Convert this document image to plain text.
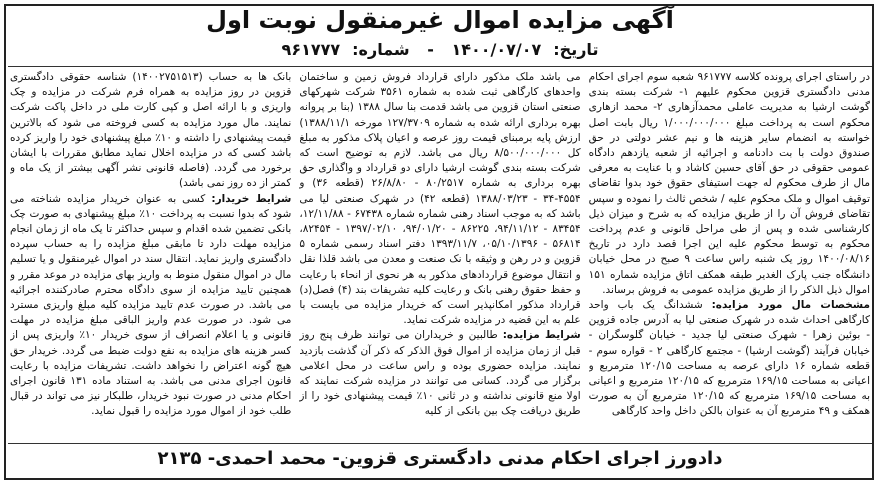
آگهی مزایده اموال غیرمنقول نوبت اول
تاریخ:۱۴۰۰/۰۷/۰۷ - شماره:۹۶۱۷۷۷

در راستای اجرای پرونده کلاسه ۹۶۱۷۷۷ شعبه سوم اجرای احکام مدنی دادگستری قزوین محکوم علیهم ۱- شرکت بسته بندی گوشت ارشیا به مدیریت عاملی محمدآزهاری ۲- محمد ازهاری محکوم است به پرداخت مبلغ ۱/۰۰۰/۰۰۰/۰۰۰ ریال بابت اصل خواسته به انضمام سایر هزینه ها و نیم عشر دولتی در حق صندوق دولت با بت دادنامه و اجرائیه از شعبه یازدهم دادگاه عمومی حقوقی در حق آقای حسین کاشاد و با عنایت به معرفی مال از طرف محکوم له جهت استیفای حقوق خود بدوا تقاضای توقیف اموال و ملک محکوم علیه / شخص ثالث را نموده و سپس تقاضای فروش آن را از طریق مزایده که به شرح و میزان ذیل کارشناسی شده و پس از طی مراحل قانونی و عدم پرداخت محکوم به توسط محکوم علیه این اجرا قصد دارد در تاریخ ۱۴۰۰/۰۸/۱۶ روز یک شنبه راس ساعت ۹ صبح در محل خیابان دانشگاه جنب پارک الغدیر طبقه همکف اتاق مزایده شماره ۱۵۱ اموال ذیل الذکر را از طریق مزایده عمومی به فروش برساند.

مشخصات مال مورد مزایده: ششدانگ یک باب واحد کارگاهی احداث شده در شهرک صنعتی لیا به آدرس جاده قزوین - بوئین زهرا - شهرک صنعتی لیا جدید - خیابان گلوسگران - خیابان فرآیند (گوشت ارشیا) - مجتمع کارگاهی ۲ - قواره سوم - قطعه شماره ۱۶ دارای عرصه به مساحت ۱۲۰/۱۵ مترمربع و اعیانی به مساحت ۱۶۹/۱۵ مترمربع که ۱۲۰/۱۵ مترمربع و اعیانی به مساحت ۱۶۹/۱۵ مترمربع که ۱۲۰/۱۵ مترمربع آن به صورت همکف و ۴۹ مترمربع آن به عنوان بالکن داخل واحد کارگاهی

می باشد ملک مذکور دارای قرارداد فروش زمین و ساختمان واحدهای کارگاهی ثبت شده به شماره ۳۵۶۱ شرکت شهرکهای صنعتی استان قزوین می باشد قدمت بنا سال ۱۳۸۸ (بنا بر پروانه بهره برداری ارائه شده به شماره ۱۲۷/۳۷۰۹ مورخه ۱۳۸۸/۱۱/۱) ارزش پایه برمبنای قیمت روز عرصه و اعیان پلاک مذکور به مبلغ کل ۸/۵۰۰/۰۰۰/۰۰۰ ریال می باشد. لازم به توضیح است که شرکت بسته بندی گوشت ارشیا دارای دو قرارداد و واگذاری حق بهره برداری به شماره ۸۰/۲۵۱۷ - ۲۶/۸/۸۰ (قطعه ۳۶) و ۴۵۵۴-۳۴ - ۱۳۸۸/۰۳/۲۳ (قطعه ۴۲) در شهرک صنعتی لیا می باشد که به موجب اسناد رهنی شماره شماره ۶۷۴۳۸ - ۱۲/۱۱/۸۸، ۸۳۴۵۴ - ۹۴/۱۱/۱۲، ۸۶۲۲۵ - ۹۴/۰۱/۲۰، ۱۳۹۷/۰۲/۱۰ - ۸۲۴۵۴، ۵۶۸۱۴ - ۰۵/۱۰/۱۳۹۶، ۱۳۹۳/۱۱/۷ دفتر اسناد رسمی شماره ۵ قزوین و در رهن و وثیقه با نک صنعت و معدن می باشد قلذا نقل و انتقال موضوع قراردادهای مذکور به هر نحوی از انحاء با رعایت و حفظ حقوق رهنی بانک و رعایت کلیه تشریفات بند (۴) فصل(د) قرارداد مذکور امکانپذیر است که خریدار مزایده می بایست با علم به این قضیه در مزایده شرکت نماید.

شرایط مزایده: طالبین و خریداران می توانند ظرف پنج روز قبل از زمان مزایده از اموال فوق الذکر که ذکر آن گذشت بازدید نمایند. مزایده حضوری بوده و راس ساعت در محل اعلامی برگزار می گردد. کسانی می توانند در مزایده شرکت نمایند که اولا منع قانونی نداشته و در ثانی ۱۰٪ قیمت پیشنهادی خود را از طریق دریافت چک بین بانکی از کلیه

بانک ها به حساب (۱۴۰۰۲۷۵۱۵۱۳) شناسه حقوقی دادگستری قزوین در روز مزایده به همراه فرم شرکت در مزایده و چک واریزی و با ارائه اصل و کپی کارت ملی در داخل پاکت شرکت نمایند. مال مورد مزایده به کسی فروخته می شود که بالاترین قیمت پیشنهادی را داشته و ۱۰٪ مبلغ پیشنهادی خود را واریز کرده باشد کسی که در مزایده اخلال نماید مطابق مقررات با ایشان برخورد می گردد. (فاصله قانونی نشر آگهی بیشتر از یک ماه و کمتر از ده روز نمی باشد)

شرایط خریدار: کسی به عنوان خریدار مزایده شناخته می شود که بدوا نسبت به پرداخت ۱۰٪ مبلغ پیشنهادی به صورت چک بانکی تضمین شده اقدام و سپس حداکثر تا یک ماه از زمان انجام مزایده مهلت دارد تا مابقی مبلغ مزایده را به حساب سپرده دادگستری واریز نماید. انتقال سند در اموال غیرمنقول و یا تسلیم مال در اموال منقول منوط به واریز بهای مزایده در موعد مقرر و همچنین تایید مزایده از سوی دادگاه محترم صادرکننده اجرائیه می باشد. در صورت عدم تایید مزایده کلیه مبلغ واریزی مسترد می شود. در صورت عدم واریز الباقی مبلغ مزایده در مهلت قانونی و یا اعلام انصراف از سوی خریدار ۱۰٪ واریزی پس از کسر هزینه های مزایده به نفع دولت ضبط می گردد. خریدار حق هیچ گونه اعتراض را نخواهد داشت. تشریفات مزایده با رعایت قانون اجرای مدنی می باشد. به استناد ماده ۱۳۱ قانون اجرای احکام مدنی در صورت نبود خریدار، طلبکار نیز می تواند در قبال طلب خود از اموال مورد مزایده را قبول نماید.

دادورز اجرای احکام مدنی دادگستری قزوین- محمد احمدی- ۲۱۳۵
